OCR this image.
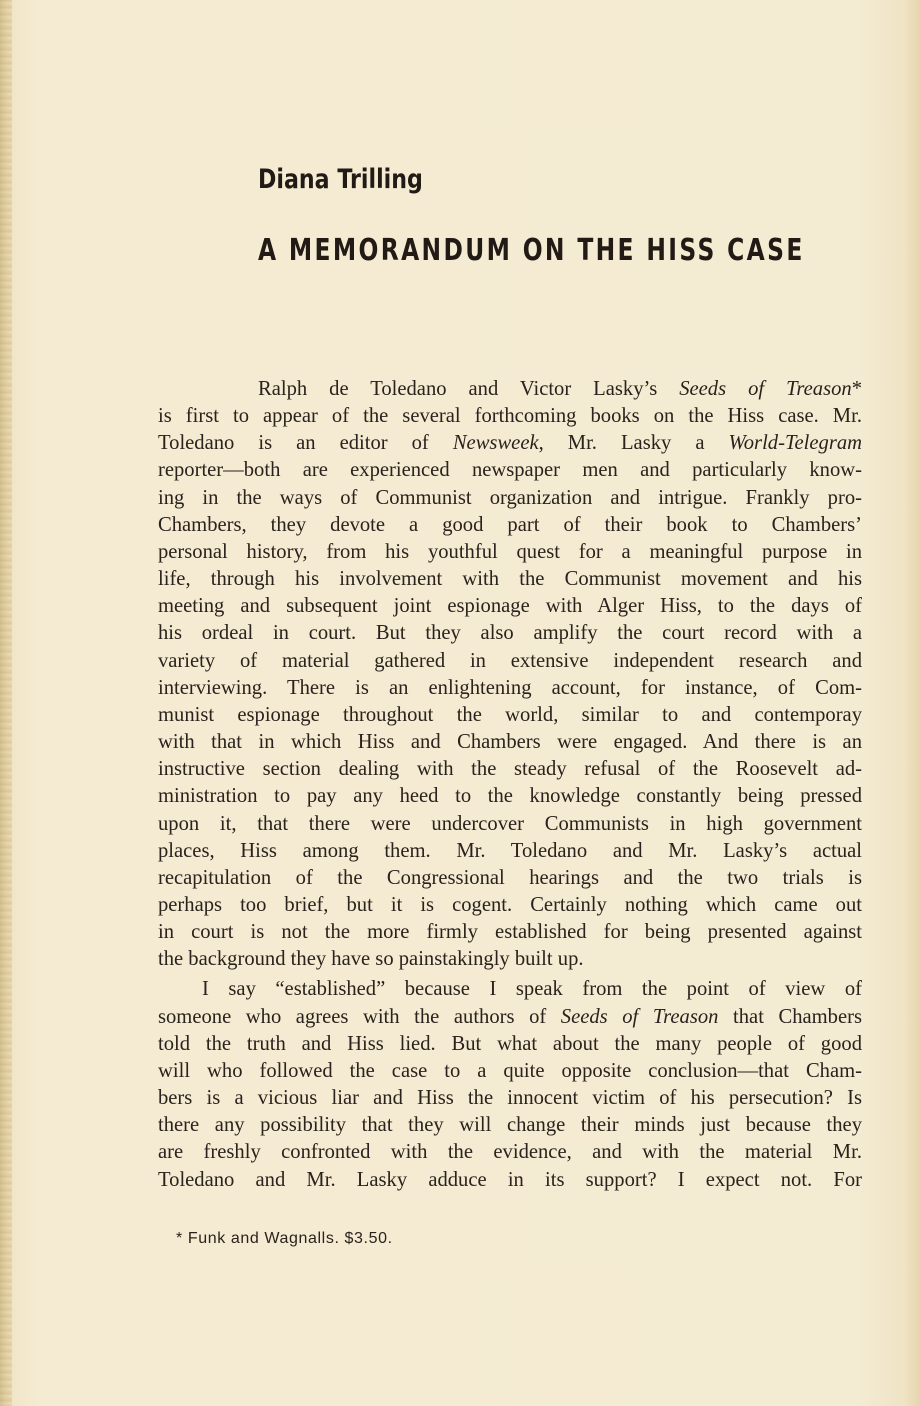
Diana Trilling
A MEMORANDUM ON THE HISS CASE
Ralph de Toledano and Victor Lasky’s Seeds of Treason*
is first to appear of the several forthcoming books on the Hiss case. Mr.
Toledano is an editor of Newsweek, Mr. Lasky a World-Telegram
reporter—both are experienced newspaper men and particularly know-
ing in the ways of Communist organization and intrigue. Frankly pro-
Chambers, they devote a good part of their book to Chambers’
personal history, from his youthful quest for a meaningful purpose in
life, through his involvement with the Communist movement and his
meeting and subsequent joint espionage with Alger Hiss, to the days of
his ordeal in court. But they also amplify the court record with a
variety of material gathered in extensive independent research and
interviewing. There is an enlightening account, for instance, of Com-
munist espionage throughout the world, similar to and contemporay
with that in which Hiss and Chambers were engaged. And there is an
instructive section dealing with the steady refusal of the Roosevelt ad-
ministration to pay any heed to the knowledge constantly being pressed
upon it, that there were undercover Communists in high government
places, Hiss among them. Mr. Toledano and Mr. Lasky’s actual
recapitulation of the Congressional hearings and the two trials is
perhaps too brief, but it is cogent. Certainly nothing which came out
in court is not the more firmly established for being presented against
the background they have so painstakingly built up.
I say “established” because I speak from the point of view of
someone who agrees with the authors of Seeds of Treason that Chambers
told the truth and Hiss lied. But what about the many people of good
will who followed the case to a quite opposite conclusion—that Cham-
bers is a vicious liar and Hiss the innocent victim of his persecution? Is
there any possibility that they will change their minds just because they
are freshly confronted with the evidence, and with the material Mr.
Toledano and Mr. Lasky adduce in its support? I expect not. For
* Funk and Wagnalls. $3.50.
